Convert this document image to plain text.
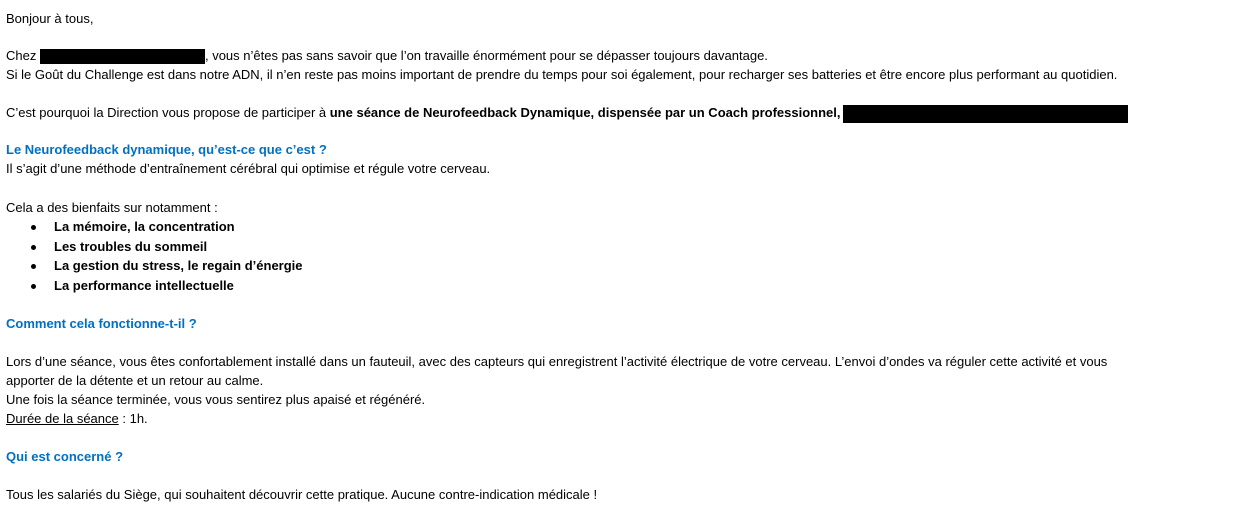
Bonjour à tous,
Chez	, vous n’êtes pas sans savoir que l’on travaille énormément pour se dépasser toujours davantage.
Si le Goût du Challenge est dans notre ADN, il n’en reste pas moins important de prendre du temps pour soi également, pour recharger ses batteries et être encore plus performant au quotidien.
C’est pourquoi la Direction vous propose de participer à une séance de Neurofeedback Dynamique, dispensée par un Coach professionnel,
Le Neurofeedback dynamique, qu’est-ce que c’est ?
Il s’agit d’une méthode d’entraînement cérébral qui optimise et régule votre cerveau.
Cela a des bienfaits sur notamment :
La mémoire, la concentration
Les troubles du sommeil
La gestion du stress, le regain d’énergie
La performance intellectuelle
Comment cela fonctionne-t-il ?
Lors d’une séance, vous êtes confortablement installé dans un fauteuil, avec des capteurs qui enregistrent l’activité électrique de votre cerveau. L’envoi d’ondes va réguler cette activité et vous
apporter de la détente et un retour au calme.
Une fois la séance terminée, vous vous sentirez plus apaisé et régénéré.
Durée de la séance : 1h.
Qui est concerné ?
Tous les salariés du Siège, qui souhaitent découvrir cette pratique. Aucune contre-indication médicale !
